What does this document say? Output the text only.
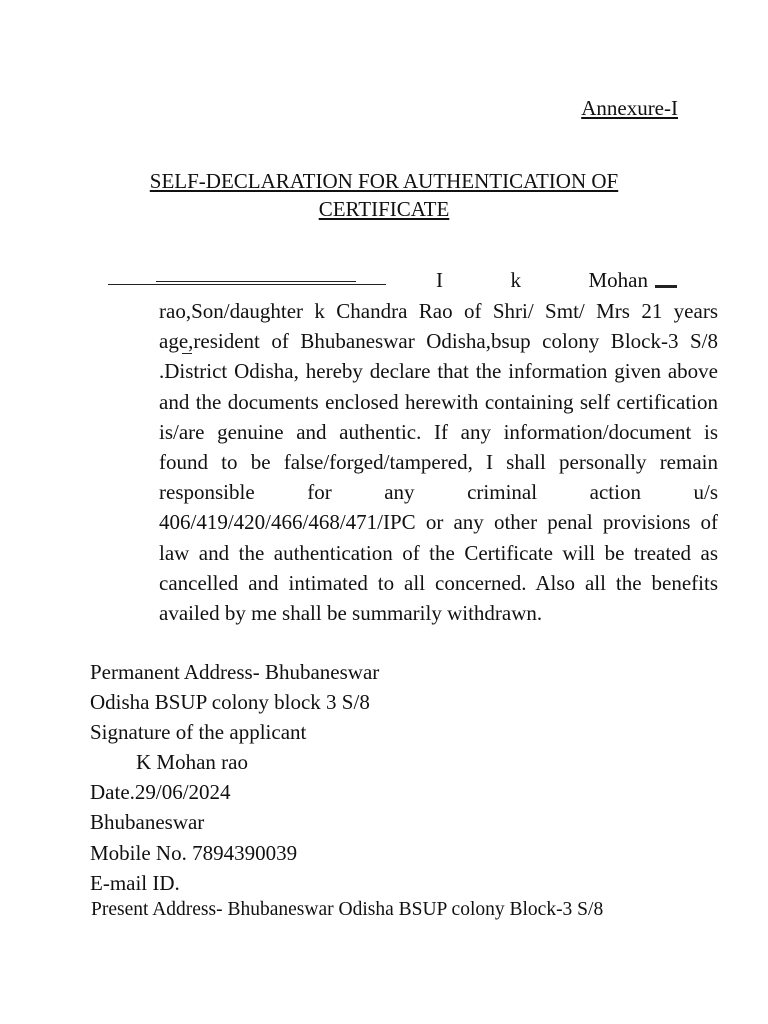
Annexure-I
SELF-DECLARATION FOR AUTHENTICATION OF
CERTIFICATE
I	k	Mohan

rao,Son/daughter k Chandra Rao of Shri/ Smt/ Mrs 21 years age,resident of Bhubaneswar Odisha,bsup colony Block-3 S/8 .District Odisha, hereby declare that the information given above and the documents enclosed herewith containing self certification is/are genuine and authentic. If any information/document is found to be false/forged/tampered, I shall personally remain responsible for any criminal action u/s 406/419/420/466/468/471/IPC or any other penal provisions of law and the authentication of the Certificate will be treated as cancelled and intimated to all concerned. Also all the benefits availed by me shall be summarily withdrawn.

Permanent Address- Bhubaneswar
Odisha BSUP colony block 3 S/8
Signature of the applicant
K Mohan rao
Date.29/06/2024
Bhubaneswar
Mobile No. 7894390039
E-mail ID.
Present Address- Bhubaneswar Odisha BSUP colony Block-3 S/8
